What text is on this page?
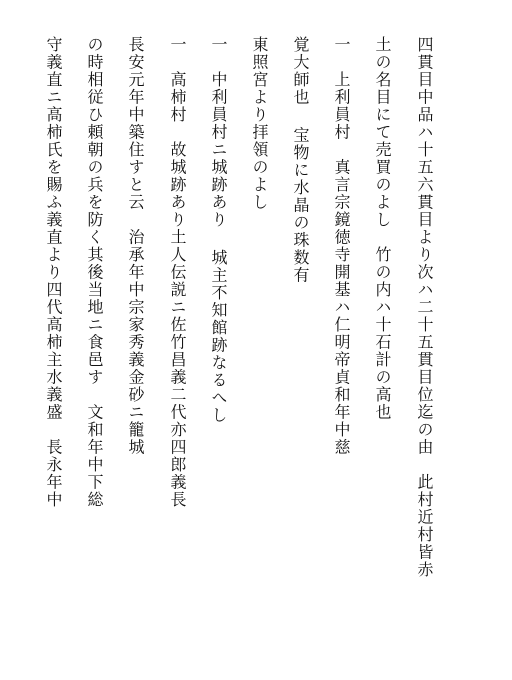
四貫目中品ハ十五六貫目より次ハ二十五貫目位迄の由　此村近村皆赤
土の名目にて売買のよし　竹の内ハ十石計の高也
一　上利員村　真言宗鏡徳寺開基ハ仁明帝貞和年中慈
覚大師也 宝物に水晶の珠数有
東照宮より拝領のよし
一　中利員村ニ城跡あり 城主不知館跡なるへし
一　高柿村　故城跡あり土人伝説ニ佐竹昌義二代亦四郎義長
長安元年中築住すと云　治承年中宗家秀義金砂ニ籠城
の時相従ひ頼朝の兵を防く其後当地ニ食邑す　文和年中下総
守義直ニ高柿氏を賜ふ義直より四代高柿主水義盛　長永年中
